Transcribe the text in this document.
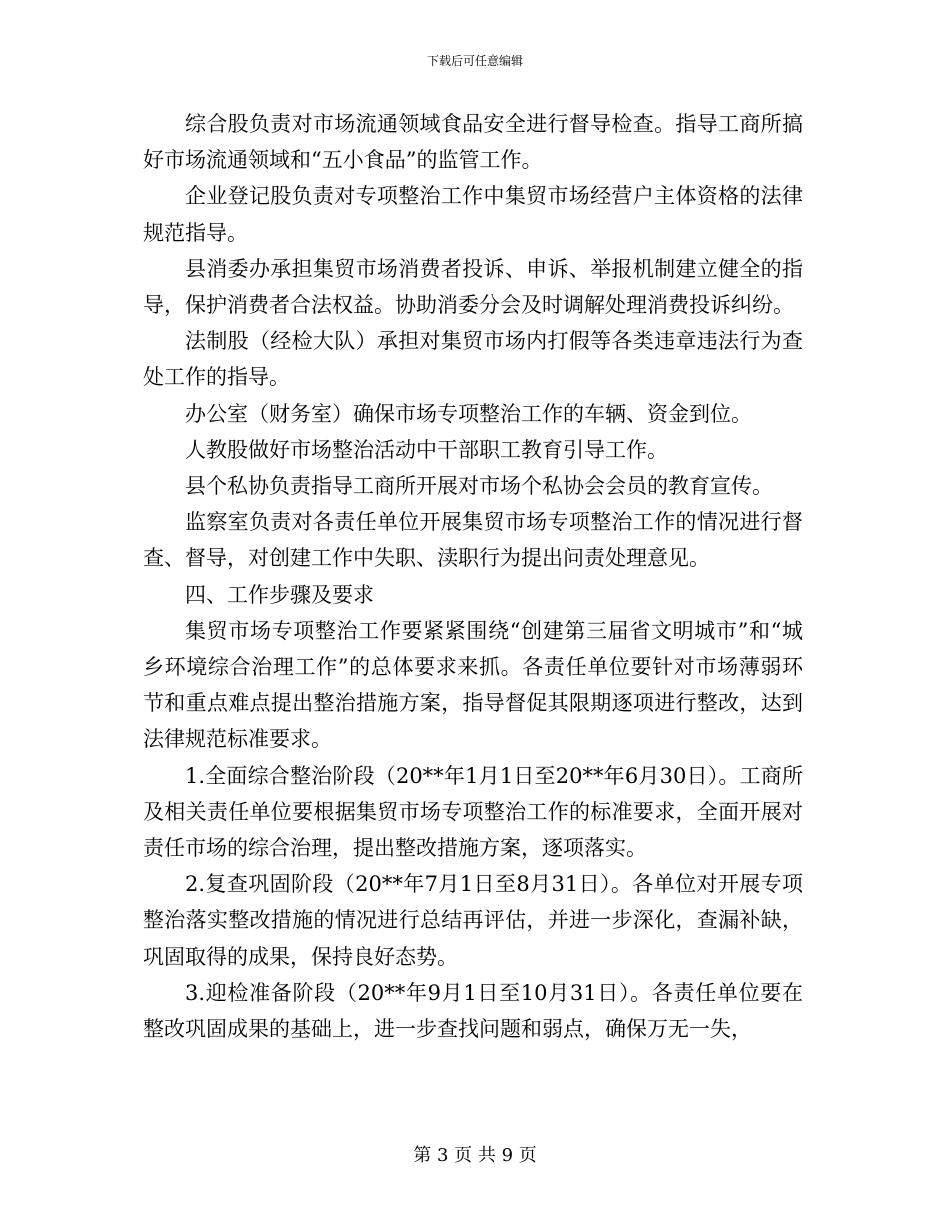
下载后可任意编辑

综合股负责对市场流通领域食品安全进行督导检查。指导工商所搞好市场流通领域和“五小食品”的监管工作。

企业登记股负责对专项整治工作中集贸市场经营户主体资格的法律规范指导。

县消委办承担集贸市场消费者投诉、申诉、举报机制建立健全的指导，保护消费者合法权益。协助消委分会及时调解处理消费投诉纠纷。

法制股（经检大队）承担对集贸市场内打假等各类违章违法行为查处工作的指导。

办公室（财务室）确保市场专项整治工作的车辆、资金到位。

人教股做好市场整治活动中干部职工教育引导工作。

县个私协负责指导工商所开展对市场个私协会会员的教育宣传。

监察室负责对各责任单位开展集贸市场专项整治工作的情况进行督查、督导，对创建工作中失职、渎职行为提出问责处理意见。

四、工作步骤及要求

集贸市场专项整治工作要紧紧围绕“创建第三届省文明城市”和“城乡环境综合治理工作”的总体要求来抓。各责任单位要针对市场薄弱环节和重点难点提出整治措施方案，指导督促其限期逐项进行整改，达到法律规范标准要求。

1.全面综合整治阶段（20**年1月1日至20**年6月30日）。工商所及相关责任单位要根据集贸市场专项整治工作的标准要求，全面开展对责任市场的综合治理，提出整改措施方案，逐项落实。

2.复查巩固阶段（20**年7月1日至8月31日）。各单位对开展专项整治落实整改措施的情况进行总结再评估，并进一步深化，查漏补缺，巩固取得的成果，保持良好态势。

3.迎检准备阶段（20**年9月1日至10月31日）。各责任单位要在整改巩固成果的基础上，进一步查找问题和弱点，确保万无一失，

第 3 页 共 9 页
